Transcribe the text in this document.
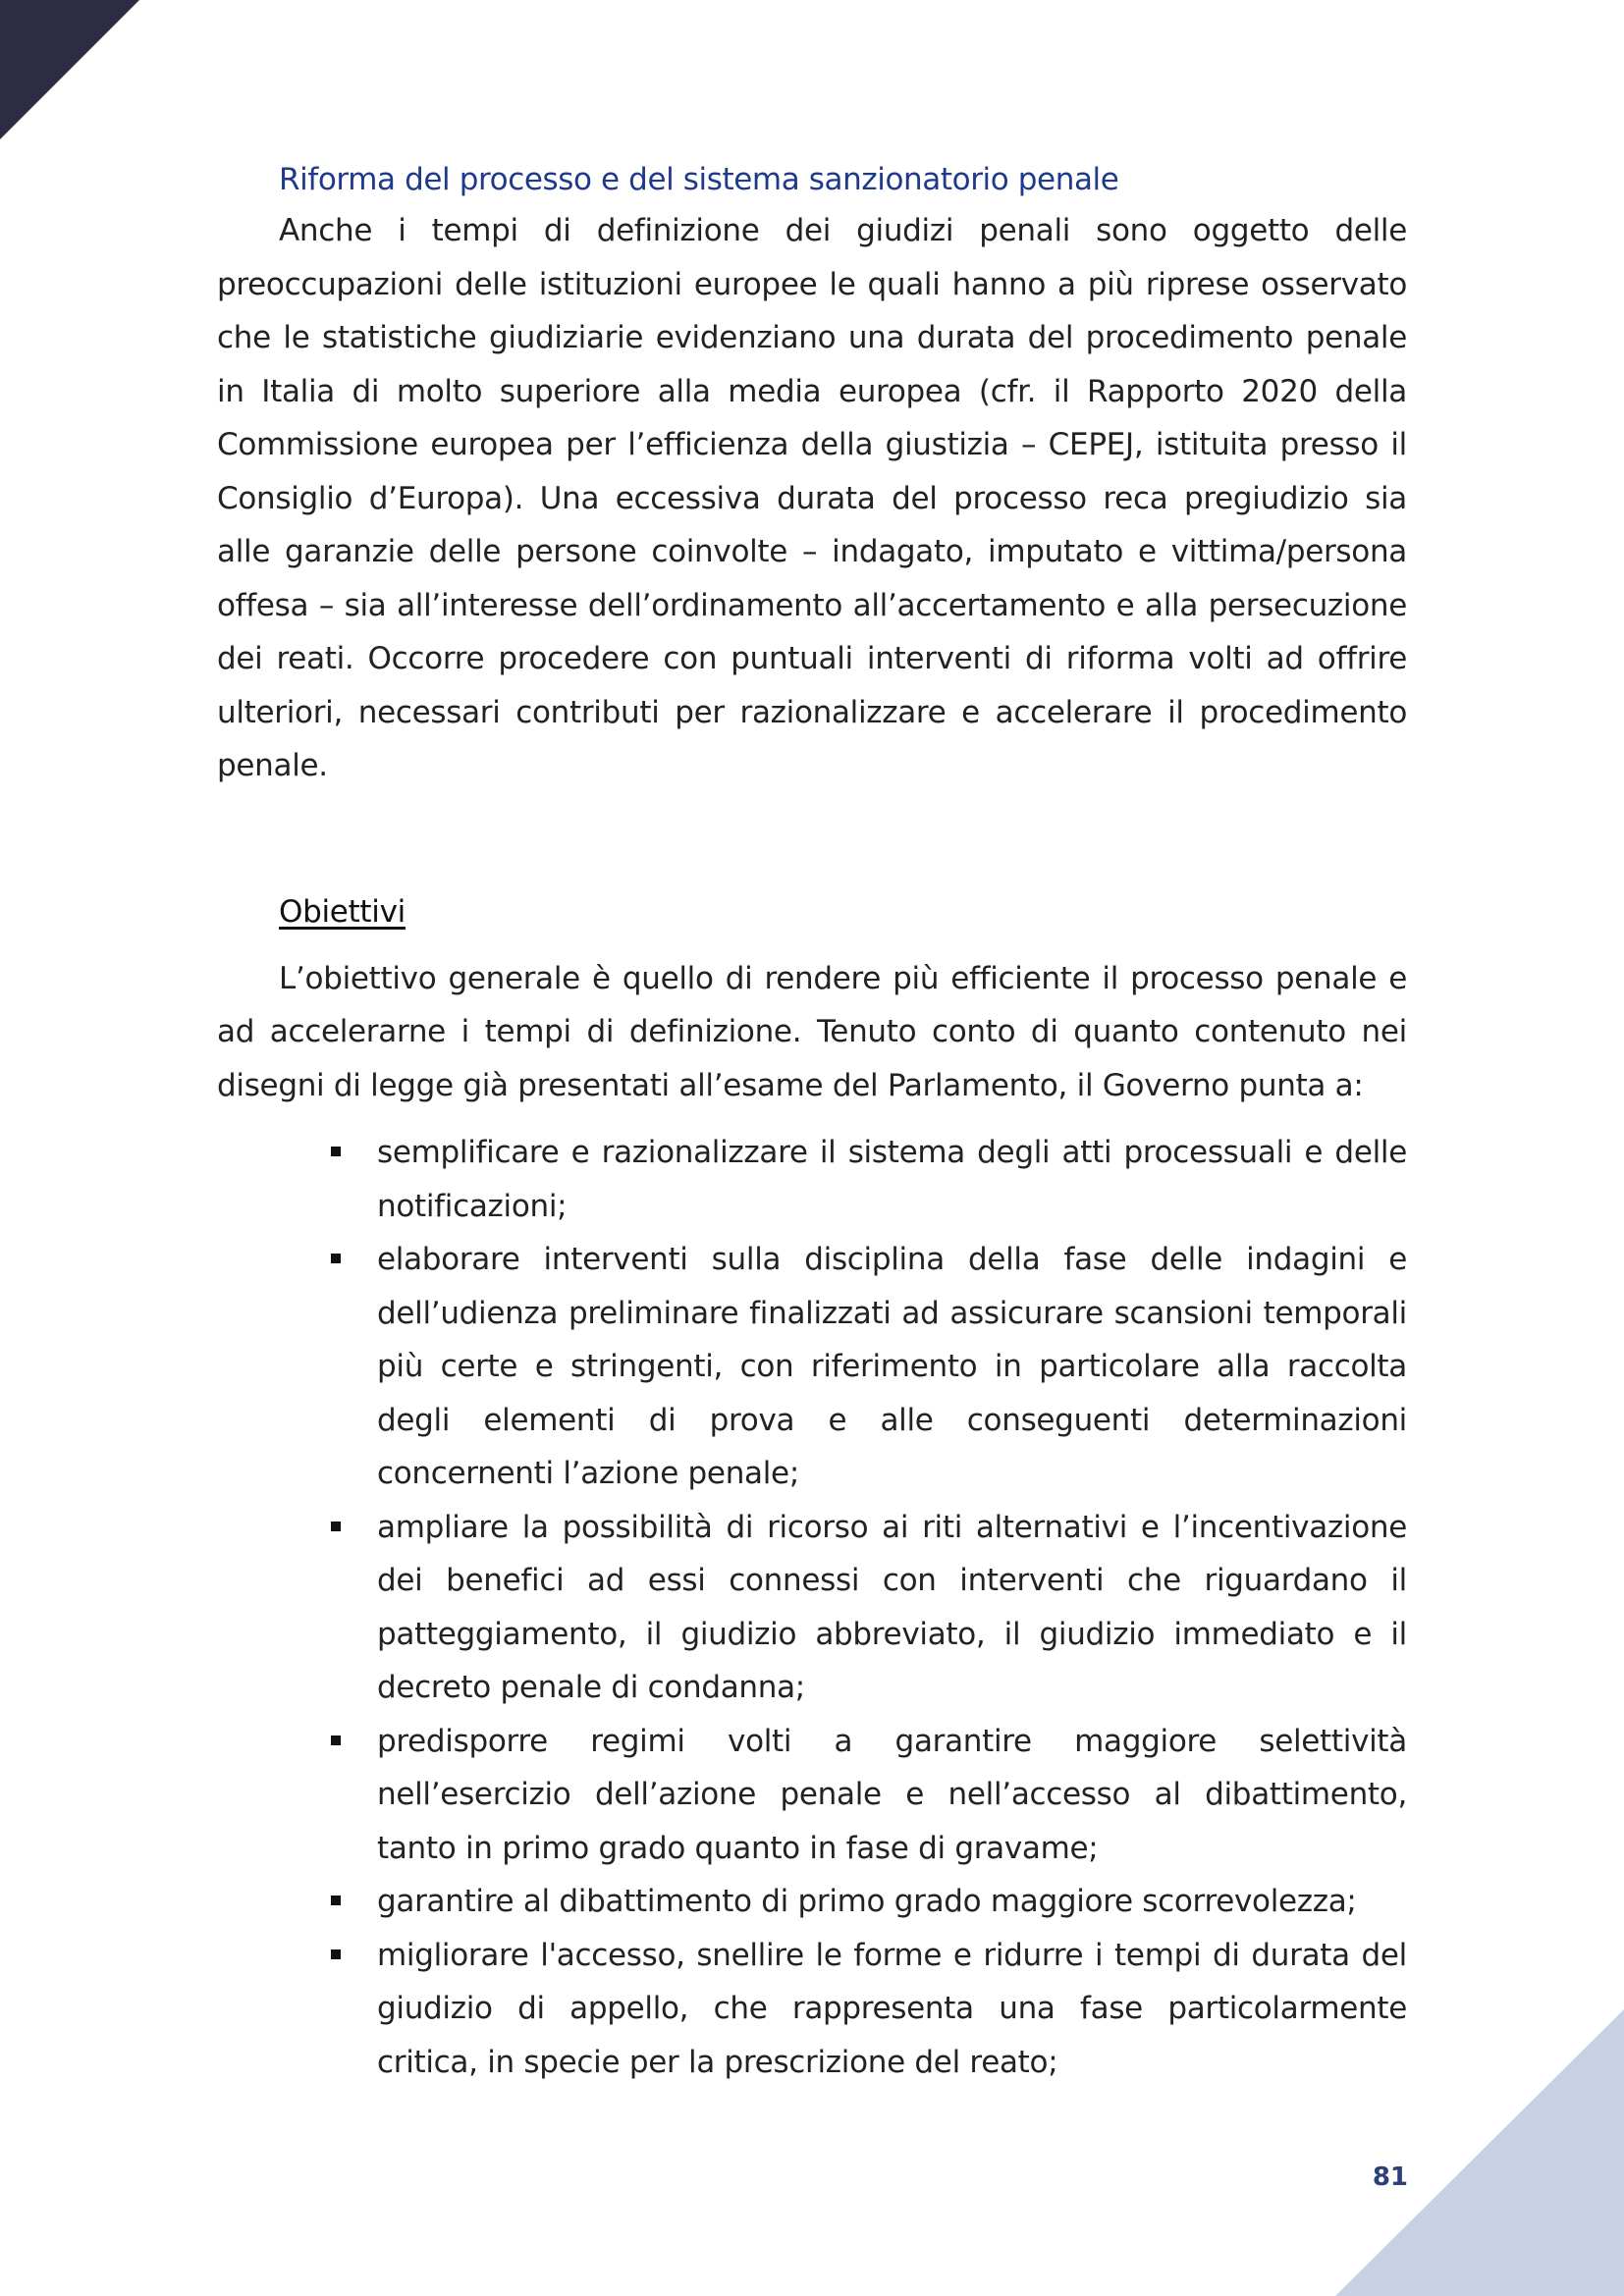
Riforma del processo e del sistema sanzionatorio penale

Anche i tempi di definizione dei giudizi penali sono oggetto delle preoccupazioni delle istituzioni europee le quali hanno a più riprese osservato che le statistiche giudiziarie evidenziano una durata del procedimento penale in Italia di molto superiore alla media europea (cfr. il Rapporto 2020 della Commissione europea per l’efficienza della giustizia – CEPEJ, istituita presso il Consiglio d’Europa). Una eccessiva durata del processo reca pregiudizio sia alle garanzie delle persone coinvolte – indagato, imputato e vittima/persona offesa – sia all’interesse dell’ordinamento all’accertamento e alla persecuzione dei reati. Occorre procedere con puntuali interventi di riforma volti ad offrire ulteriori, necessari contributi per razionalizzare e accelerare il procedimento penale.

Obiettivi

L’obiettivo generale è quello di rendere più efficiente il processo penale e ad accelerarne i tempi di definizione. Tenuto conto di quanto contenuto nei disegni di legge già presentati all’esame del Parlamento, il Governo punta a:

semplificare e razionalizzare il sistema degli atti processuali e delle notificazioni;
elaborare interventi sulla disciplina della fase delle indagini e dell’udienza preliminare finalizzati ad assicurare scansioni temporali più certe e stringenti, con riferimento in particolare alla raccolta degli elementi di prova e alle conseguenti determinazioni concernenti l’azione penale;
ampliare la possibilità di ricorso ai riti alternativi e l’incentivazione dei benefici ad essi connessi con interventi che riguardano il patteggiamento, il giudizio abbreviato, il giudizio immediato e il decreto penale di condanna;
predisporre regimi volti a garantire maggiore selettività nell’esercizio dell’azione penale e nell’accesso al dibattimento, tanto in primo grado quanto in fase di gravame;
garantire al dibattimento di primo grado maggiore scorrevolezza;
migliorare l'accesso, snellire le forme e ridurre i tempi di durata del giudizio di appello, che rappresenta una fase particolarmente critica, in specie per la prescrizione del reato;
81
